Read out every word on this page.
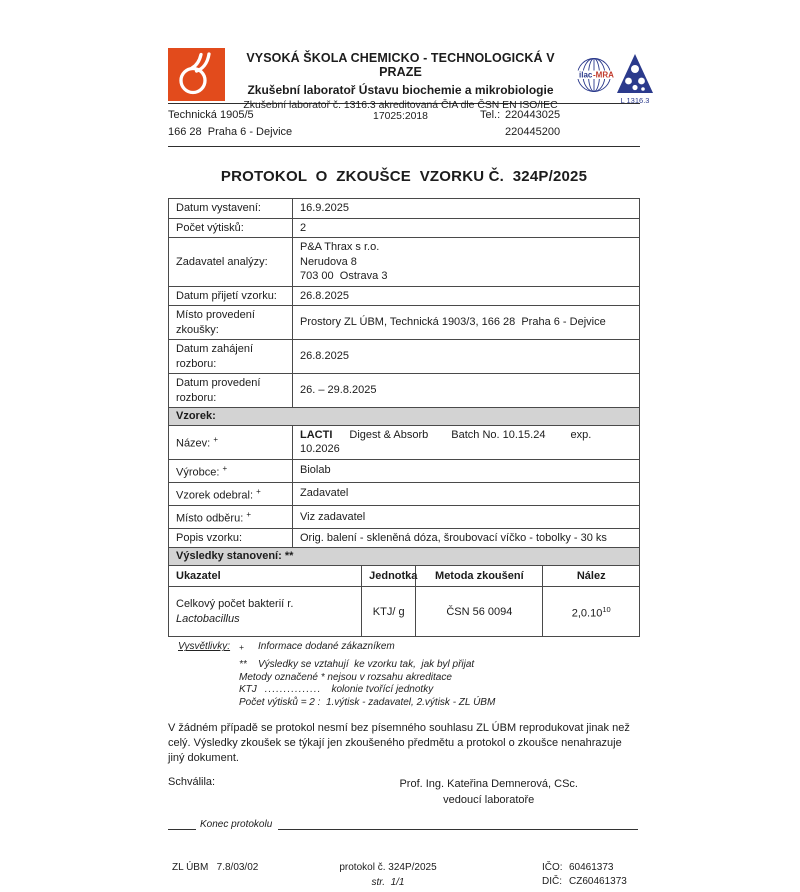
VYSOKÁ ŠKOLA CHEMICKO - TECHNOLOGICKÁ V PRAZE
Zkušební laboratoř Ústavu biochemie a mikrobiologie
Zkušební laboratoř č. 1316.3 akreditovaná ČIA dle ČSN EN ISO/IEC 17025:2018
ilac -MRA
L 1316.3
Technická 1905/5
166 28  Praha 6 - Dejvice
Tel.: 220443025
220445200
PROTOKOL  O  ZKOUŠCE  VZORKU Č.  324P/2025
Datum vystavení:	16.9.2025
Počet výtisků:	2
Zadavatel analýzy:	P&A Thrax s r.o.
Nerudova 8
703 00  Ostrava 3

Datum přijetí vzorku:	26.8.2025
Místo provedení zkoušky:	Prostory ZL ÚBM, Technická 1903/3, 166 28  Praha 6 - Dejvice
Datum zahájení rozboru:	26.8.2025
Datum provedení rozboru:	26. – 29.8.2025
Vzorek:	
Název: +	LACTI Digest & Absorb Batch No. 10.15.24 exp. 10.2026
Výrobce: +	Biolab
Vzorek odebral: +	Zadavatel
Místo odběru: +	Viz zadavatel
Popis vzorku:	Orig. balení - skleněná dóza, šroubovací víčko - tobolky - 30 ks
Výsledky stanovení: **			
Ukazatel	Jednotka	Metoda zkoušení	Nález
Celkový počet bakterií r. Lactobacillus	KTJ/ g	ČSN 56 0094	2,0.10$^{10}$
Vysvětlivky:	+	Informace dodané zákazníkem
**	Výsledky se vztahují  ke vzorku tak,  jak byl přijat
Metody označené * nejsou v rozsahu akreditace
KTJ ............... kolonie tvořící jednotky
Počet výtisků = 2 :  1.výtisk - zadavatel, 2.výtisk - ZL ÚBM

V žádném případě se protokol nesmí bez písemného souhlasu ZL ÚBM reprodukovat jinak než celý. Výsledky zkoušek se týkají jen zkoušeného předmětu a protokol o zkoušce nenahrazuje jiný dokument.

Schválila:	Prof. Ing. Kateřina Demnerová, CSc.
vedoucí laboratoře
Konec protokolu
ZL ÚBM   7.8/03/02	protokol č. 324P/2025
str.  1/1
IČO: 60461373
DIČ: CZ60461373
